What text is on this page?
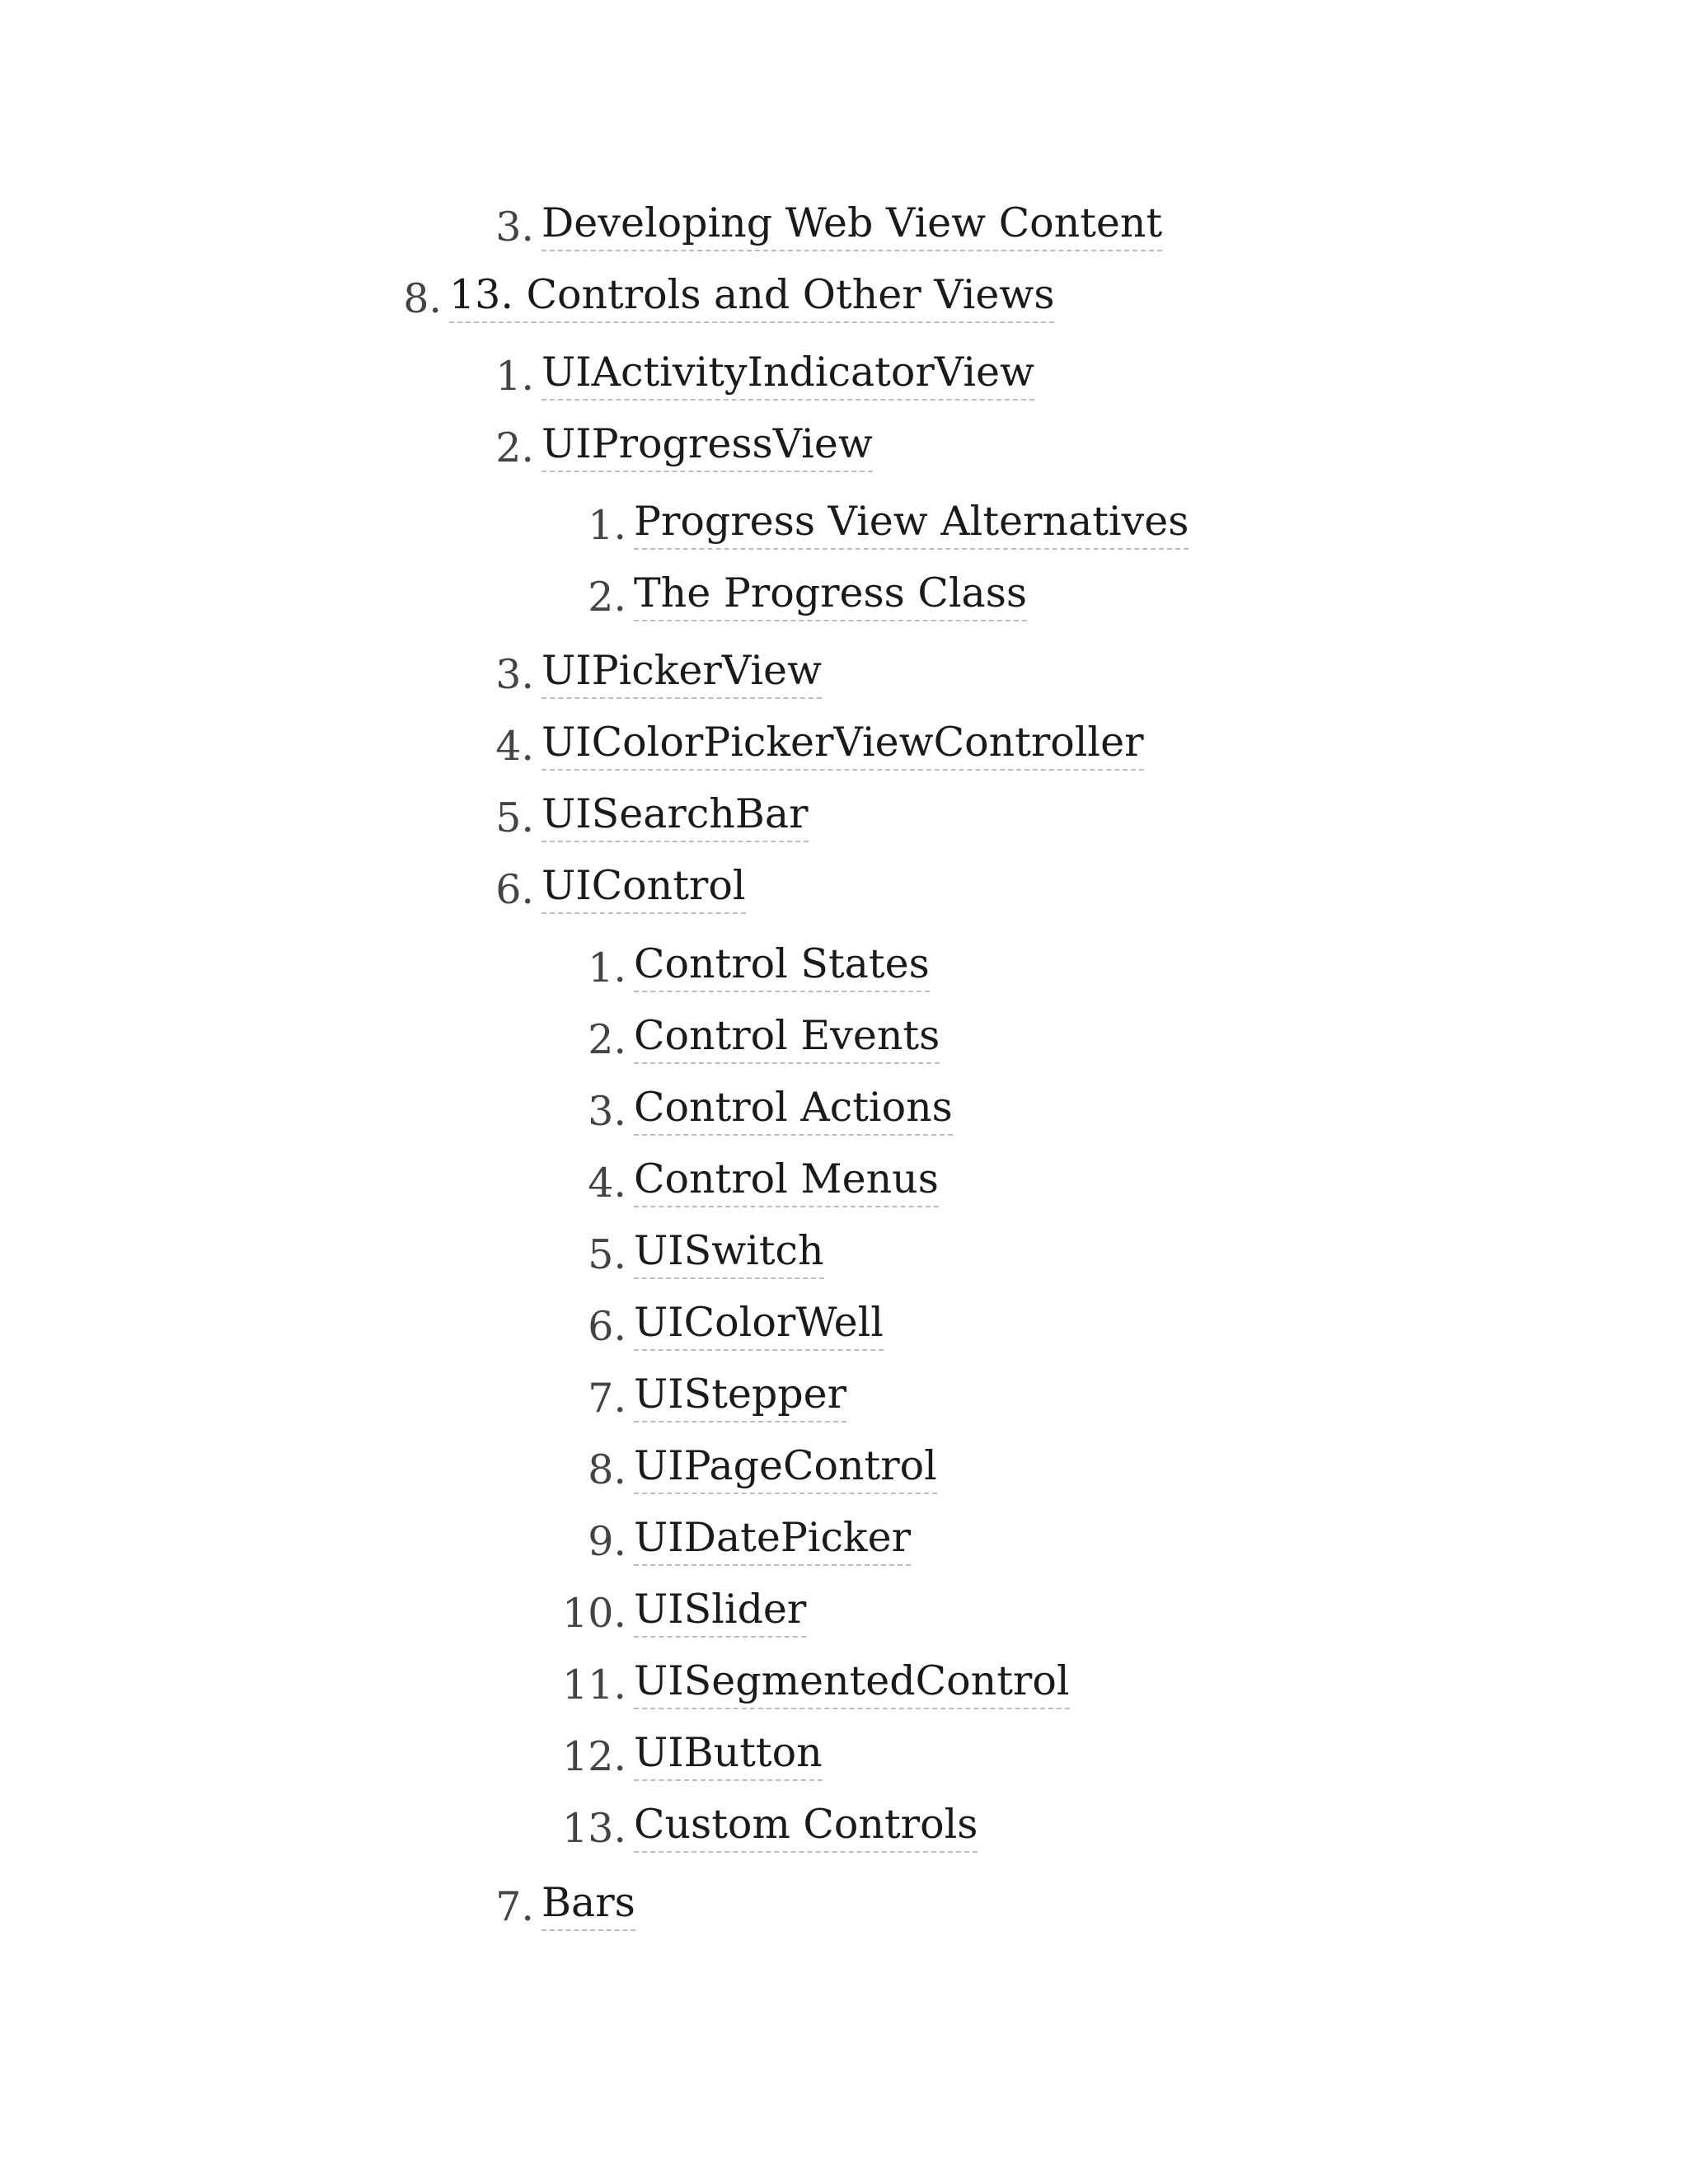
3. Developing Web View Content
8. 13. Controls and Other Views
1. UIActivityIndicatorView
2. UIProgressView
1. Progress View Alternatives
2. The Progress Class
3. UIPickerView
4. UIColorPickerViewController
5. UISearchBar
6. UIControl
1. Control States
2. Control Events
3. Control Actions
4. Control Menus
5. UISwitch
6. UIColorWell
7. UIStepper
8. UIPageControl
9. UIDatePicker
10. UISlider
11. UISegmentedControl
12. UIButton
13. Custom Controls
7. Bars
